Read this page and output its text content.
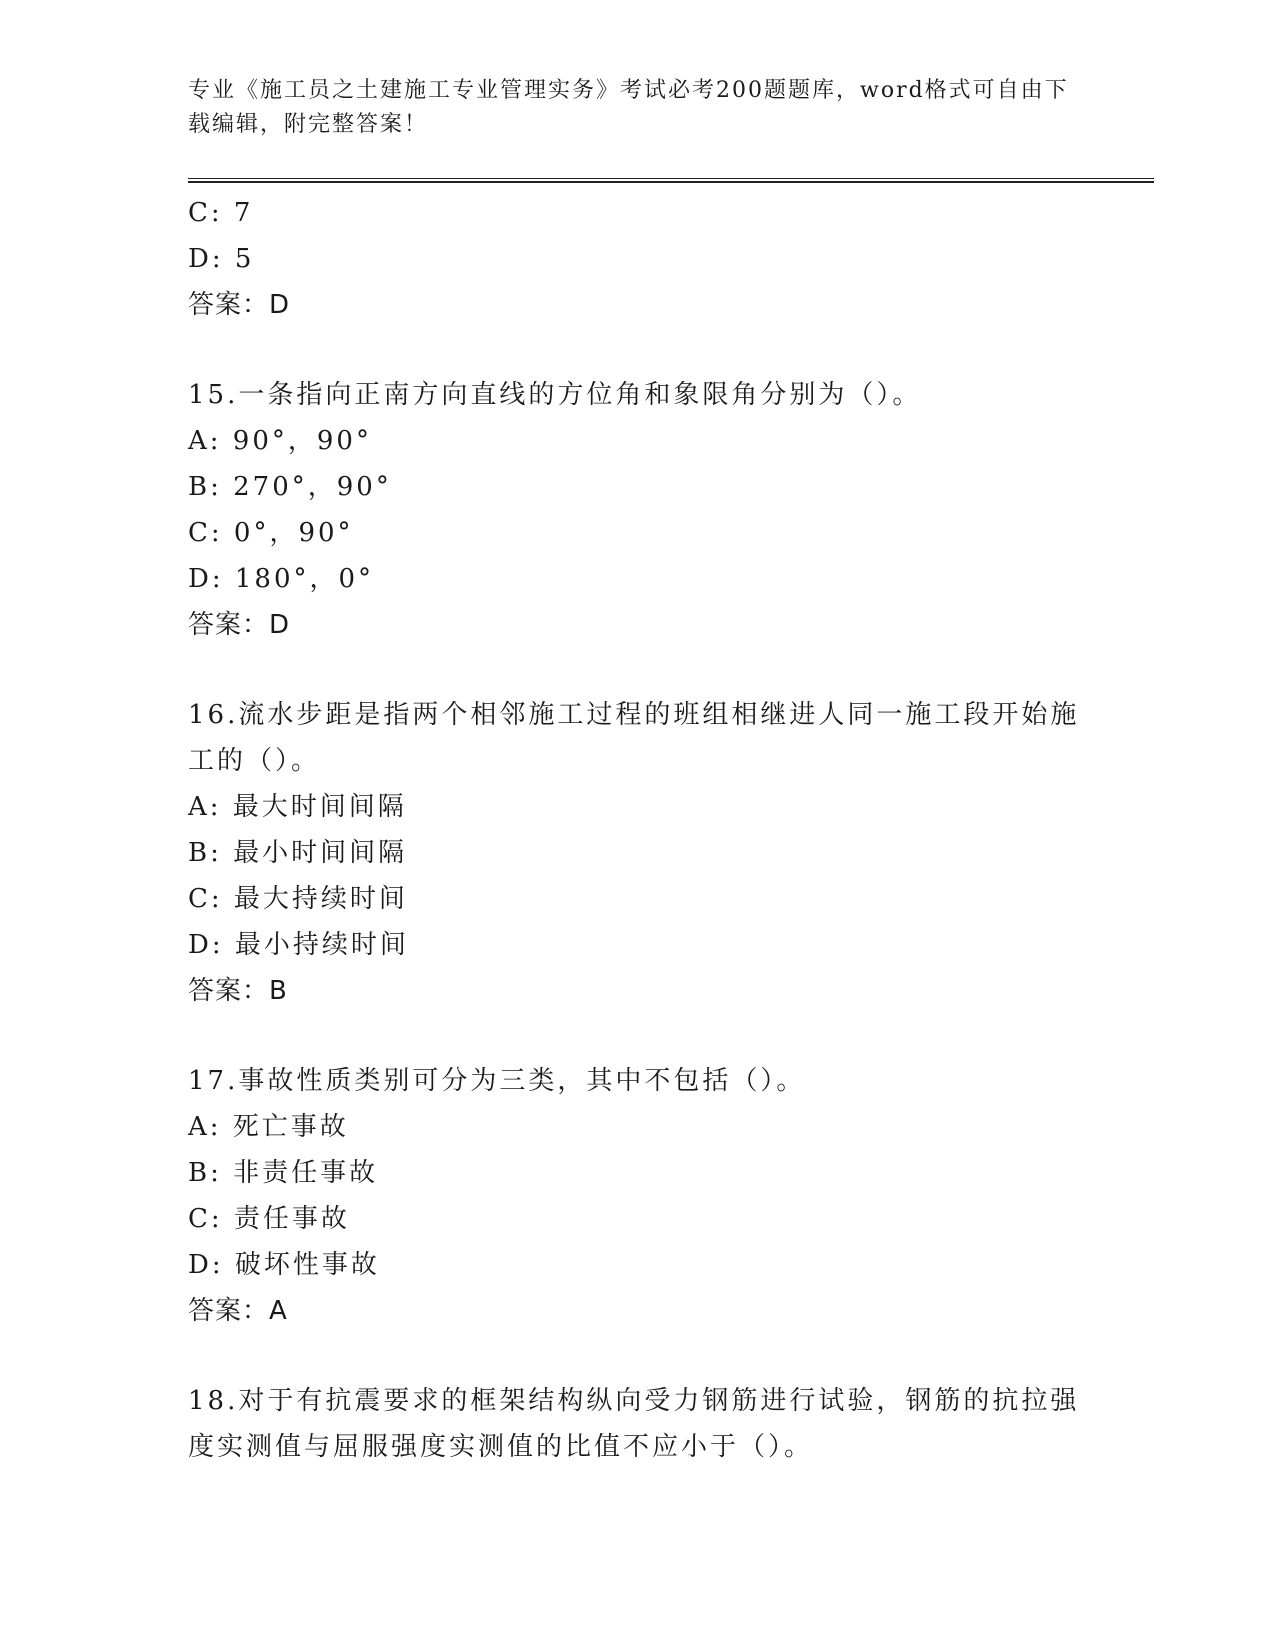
专业《施工员之土建施工专业管理实务》考试必考200题题库，word格式可自由下载编辑，附完整答案！
C: 7
D: 5
答案：D
15.一条指向正南方向直线的方位角和象限角分别为（）。
A: 90°，90°
B: 270°，90°
C: 0°，90°
D: 180°，0°
答案：D
16.流水步距是指两个相邻施工过程的班组相继进人同一施工段开始施工的（）。
A: 最大时间间隔
B: 最小时间间隔
C: 最大持续时间
D: 最小持续时间
答案：B
17.事故性质类别可分为三类，其中不包括（）。
A: 死亡事故
B: 非责任事故
C: 责任事故
D: 破坏性事故
答案：A
18.对于有抗震要求的框架结构纵向受力钢筋进行试验，钢筋的抗拉强度实测值与屈服强度实测值的比值不应小于（）。
